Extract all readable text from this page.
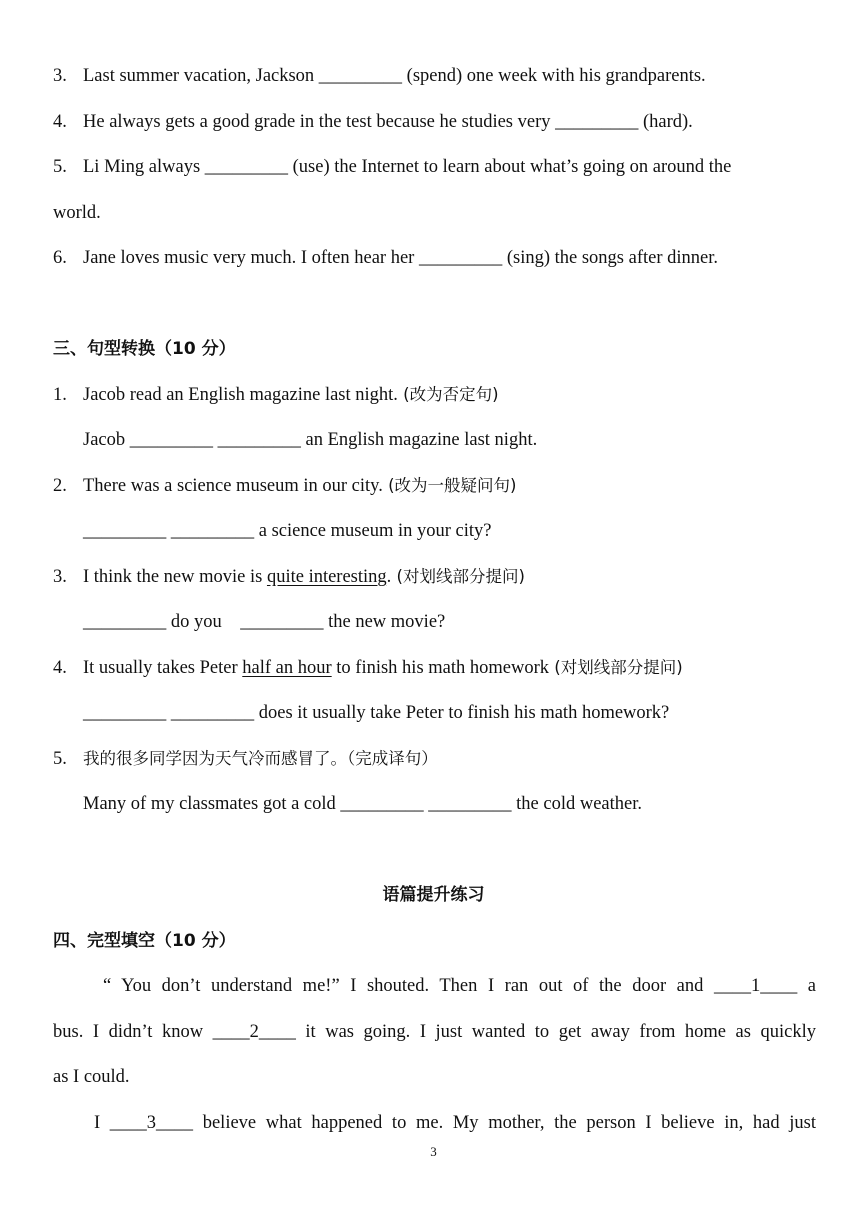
3. Last summer vacation, Jackson _________ (spend) one week with his grandparents.
4. He always gets a good grade in the test because he studies very _________ (hard).
5. Li Ming always _________ (use) the Internet to learn about what’s going on around the
world.
6. Jane loves music very much. I often hear her _________ (sing) the songs after dinner.
三、句型转换（10 分）
1. Jacob read an English magazine last night. (改为否定句)
Jacob _________ _________ an English magazine last night.
2. There was a science museum in our city. (改为一般疑问句)
_________ _________ a science museum in your city?
3. I think the new movie is quite interesting. (对划线部分提问)
_________ do you    _________ the new movie?
4. It usually takes Peter half an hour to finish his math homework (对划线部分提问)
_________ _________ does it usually take Peter to finish his math homework?
5. 我的很多同学因为天气冷而感冒了。（完成译句）
Many of my classmates got a cold _________ _________ the cold weather.
语篇提升练习
四、完型填空（10 分）
“ You don’t understand me!” I shouted. Then I ran out of the door and ____1____ a
bus. I didn’t know ____2____ it was going. I just wanted to get away from home as quickly
as I could.
I ____3____ believe what happened to me. My mother, the person I believe in, had just
3
